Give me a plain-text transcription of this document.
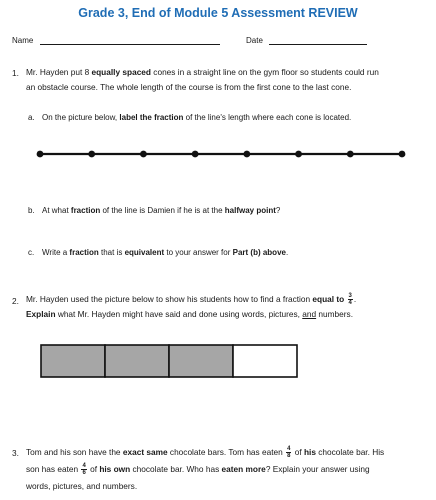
Grade 3, End of Module 5 Assessment REVIEW
Name	Date
1. Mr. Hayden put 8 equally spaced cones in a straight line on the gym floor so students could run
an obstacle course. The whole length of the course is from the first cone to the last cone.
a. On the picture below, label the fraction of the line's length where each cone is located.
b. At what fraction of the line is Damien if he is at the halfway point?
c. Write a fraction that is equivalent to your answer for Part (b) above.
2. Mr. Hayden used the picture below to show his students how to find a fraction equal to $\frac{3}{4}$ .
Explain what Mr. Hayden might have said and done using words, pictures, and numbers.
3. Tom and his son have the exact same chocolate bars. Tom has eaten $\frac{4}{8}$ of his chocolate bar. His
son has eaten $\frac{4}{6}$ of his own chocolate bar. Who has eaten more? Explain your answer using
words, pictures, and numbers.
